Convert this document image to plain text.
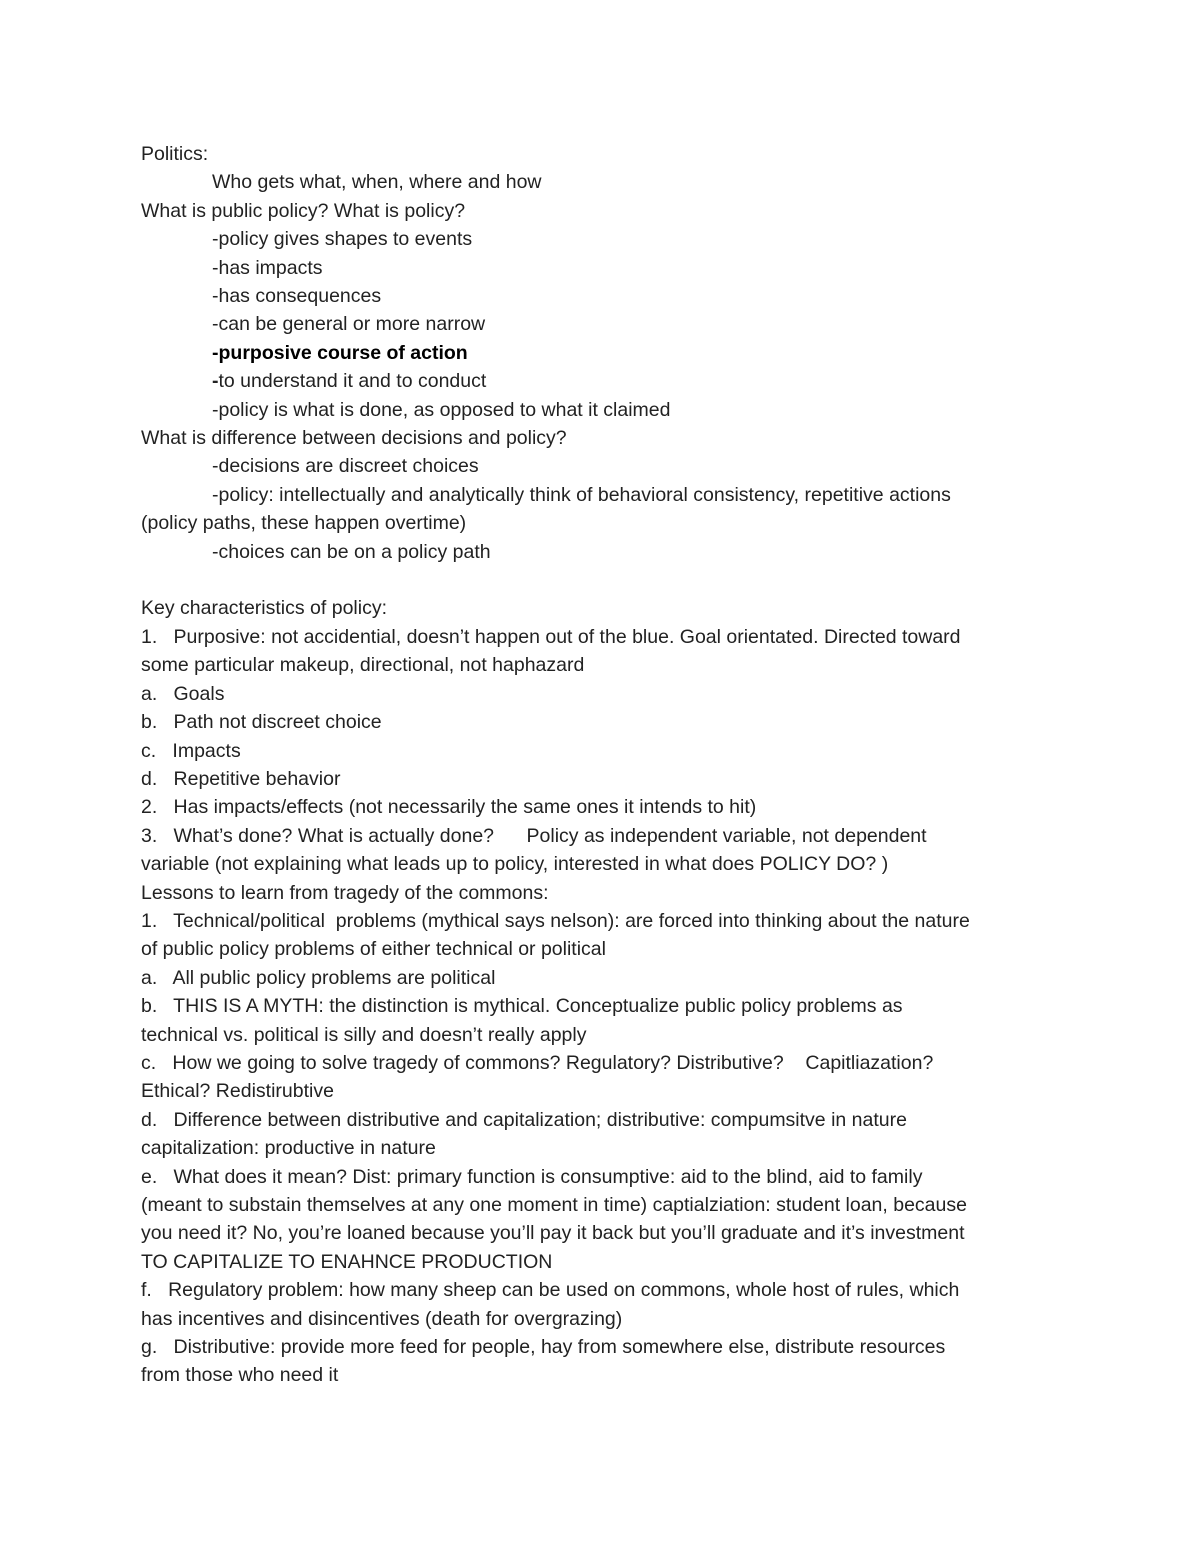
Politics:
Who gets what, when, where and how
What is public policy? What is policy?
-policy gives shapes to events
-has impacts
-has consequences
-can be general or more narrow
-purposive course of action
-to understand it and to conduct
-policy is what is done, as opposed to what it claimed
What is difference between decisions and policy?
-decisions are discreet choices
-policy: intellectually and analytically think of behavioral consistency, repetitive actions
(policy paths, these happen overtime)
-choices can be on a policy path
Key characteristics of policy:
1.   Purposive: not accidential, doesn’t happen out of the blue. Goal orientated. Directed toward
some particular makeup, directional, not haphazard
a.   Goals
b.   Path not discreet choice
c.   Impacts
d.   Repetitive behavior
2.   Has impacts/effects (not necessarily the same ones it intends to hit)
3.   What’s done? What is actually done?      Policy as independent variable, not dependent
variable (not explaining what leads up to policy, interested in what does POLICY DO? )
Lessons to learn from tragedy of the commons:
1.   Technical/political  problems (mythical says nelson): are forced into thinking about the nature
of public policy problems of either technical or political
a.   All public policy problems are political
b.   THIS IS A MYTH: the distinction is mythical. Conceptualize public policy problems as
technical vs. political is silly and doesn’t really apply
c.   How we going to solve tragedy of commons? Regulatory? Distributive?    Capitliazation?
Ethical? Redistirubtive
d.   Difference between distributive and capitalization; distributive: compumsitve in nature
capitalization: productive in nature
e.   What does it mean? Dist: primary function is consumptive: aid to the blind, aid to family
(meant to substain themselves at any one moment in time) captialziation: student loan, because
you need it? No, you’re loaned because you’ll pay it back but you’ll graduate and it’s investment
TO CAPITALIZE TO ENAHNCE PRODUCTION
f.   Regulatory problem: how many sheep can be used on commons, whole host of rules, which
has incentives and disincentives (death for overgrazing)
g.   Distributive: provide more feed for people, hay from somewhere else, distribute resources
from those who need it
